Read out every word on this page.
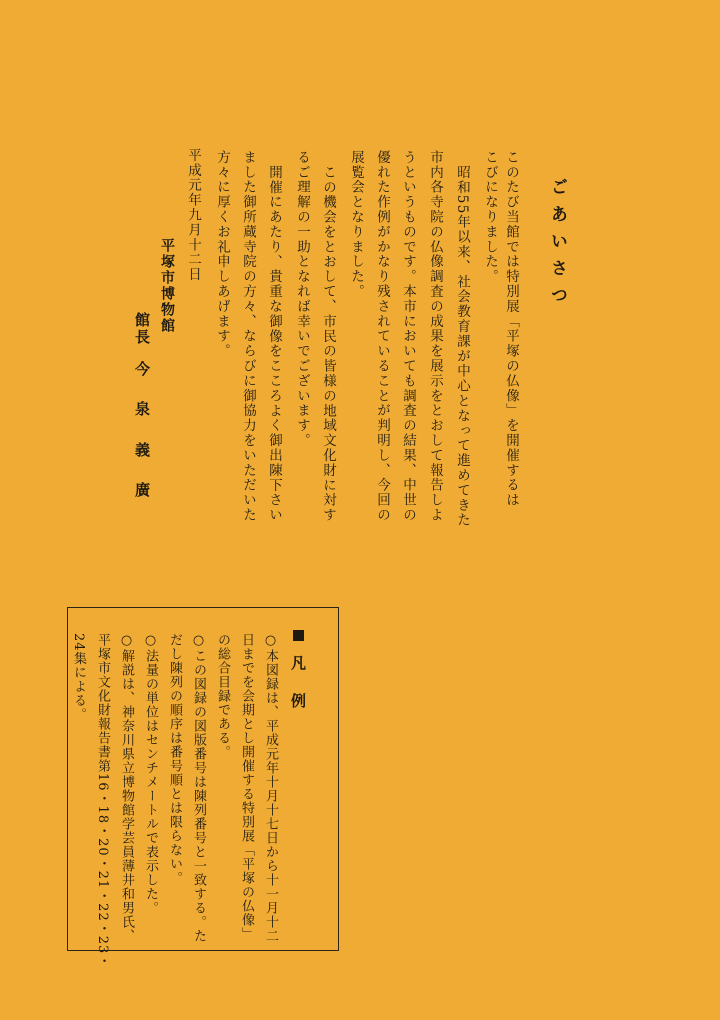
ごあいさつ

このたび当館では特別展「平塚の仏像」を開催するは

こびになりました。

昭和55年以来、社会教育課が中心となって進めてきた

市内各寺院の仏像調査の成果を展示をとおして報告しよ

うというものです。本市においても調査の結果、中世の

優れた作例がかなり残されていることが判明し、今回の

展覧会となりました。

この機会をとおして、市民の皆様の地域文化財に対す

るご理解の一助となれば幸いでございます。

開催にあたり、貴重な御像をこころよく御出陳下さい

ました御所蔵寺院の方々、ならびに御協力をいただいた

方々に厚くお礼申しあげます。

平成元年九月十二日

平塚市博物館

館長 今 泉 義 廣
凡　例

○本図録は、平成元年十月十七日から十一月十二

日までを会期とし開催する特別展「平塚の仏像」

の総合目録である。

○この図録の図版番号は陳列番号と一致する。た

だし陳列の順序は番号順とは限らない。

○法量の単位はセンチメートルで表示した。

○解説は、神奈川県立博物館学芸員薄井和男氏、

平塚市文化財報告書第16・18・20・21・22・23・

24集による。
